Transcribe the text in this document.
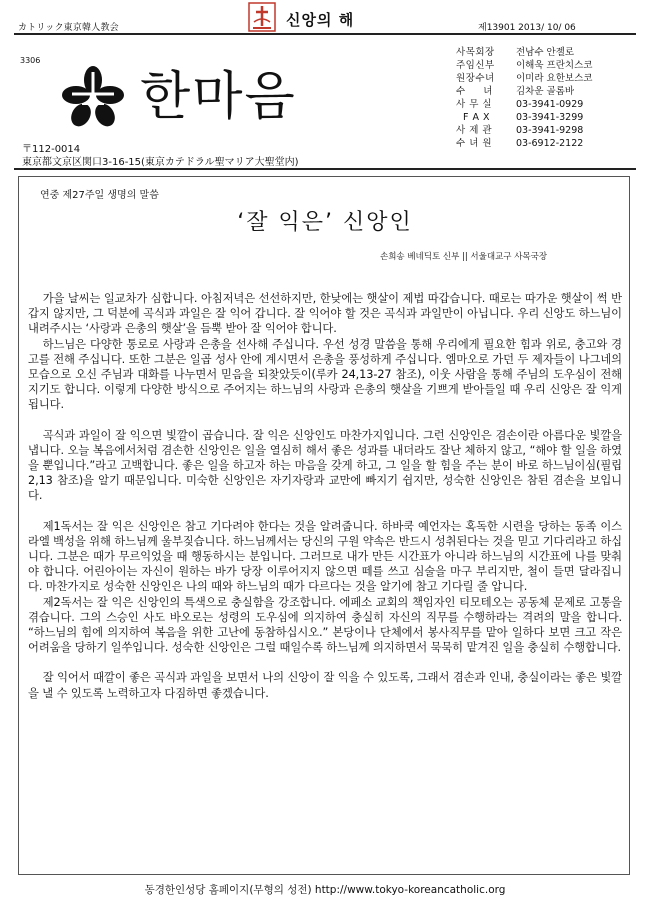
カトリック東京韓人教会	신앙의 해	제13901 2013/ 10/ 06
3306
한마음
사목회장 전남수 안젤로
주임신부 이해욱 프란치스코
원장수녀 이미라 요한보스코
수     녀 김차운 골롬바
사 무 실	03-3941-0929
F A X	03-3941-3299
사 제 관	03-3941-9298
수 녀 원	03-6912-2122
〒112-0014
東京都文京区関口3-16-15(東京カテドラル聖マリア大聖堂内)
연중 제27주일 생명의 말씀
‘잘 익은’ 신앙인
손희송 베네딕토 신부 || 서울대교구 사목국장

가을 날씨는 일교차가 심합니다. 아침저녁은 선선하지만, 한낮에는 햇살이 제법 따갑습니다. 때로는 따가운 햇살이 썩 반갑지 않지만, 그 덕분에 곡식과 과일은 잘 익어 갑니다. 잘 익어야 할 것은 곡식과 과일만이 아닙니다. 우리 신앙도 하느님이 내려주시는 ‘사랑과 은총의 햇살’을 듬뿍 받아 잘 익어야 합니다.

하느님은 다양한 통로로 사랑과 은총을 선사해 주십니다. 우선 성경 말씀을 통해 우리에게 필요한 힘과 위로, 충고와 경고를 전해 주십니다. 또한 그분은 일곱 성사 안에 계시면서 은총을 풍성하게 주십니다. 엠마오로 가던 두 제자들이 나그네의 모습으로 오신 주님과 대화를 나누면서 믿음을 되찾았듯이(루카 24,13-27 참조), 이웃 사람을 통해 주님의 도우심이 전해지기도 합니다. 이렇게 다양한 방식으로 주어지는 하느님의 사랑과 은총의 햇살을 기쁘게 받아들일 때 우리 신앙은 잘 익게 됩니다.

곡식과 과일이 잘 익으면 빛깔이 곱습니다. 잘 익은 신앙인도 마찬가지입니다. 그런 신앙인은 겸손이란 아름다운 빛깔을 냅니다. 오늘 복음에서처럼 겸손한 신앙인은 일을 열심히 해서 좋은 성과를 내더라도 잘난 체하지 않고, “해야 할 일을 하였을 뿐입니다.”라고 고백합니다. 좋은 일을 하고자 하는 마음을 갖게 하고, 그 일을 할 힘을 주는 분이 바로 하느님이심(필립 2,13 참조)을 알기 때문입니다. 미숙한 신앙인은 자기자랑과 교만에 빠지기 쉽지만, 성숙한 신앙인은 참된 겸손을 보입니다.

제1독서는 잘 익은 신앙인은 참고 기다려야 한다는 것을 알려줍니다. 하바쿡 예언자는 혹독한 시련을 당하는 동족 이스라엘 백성을 위해 하느님께 울부짖습니다. 하느님께서는 당신의 구원 약속은 반드시 성취된다는 것을 믿고 기다리라고 하십니다. 그분은 때가 무르익었을 때 행동하시는 분입니다. 그러므로 내가 만든 시간표가 아니라 하느님의 시간표에 나를 맞춰야 합니다. 어린아이는 자신이 원하는 바가 당장 이루어지지 않으면 떼를 쓰고 심술을 마구 부리지만, 철이 들면 달라집니다. 마찬가지로 성숙한 신앙인은 나의 때와 하느님의 때가 다르다는 것을 알기에 참고 기다릴 줄 압니다.

제2독서는 잘 익은 신앙인의 특색으로 충실함을 강조합니다. 에페소 교회의 책임자인 티모테오는 공동체 문제로 고통을 겪습니다. 그의 스승인 사도 바오로는 성령의 도우심에 의지하여 충실히 자신의 직무를 수행하라는 격려의 말을 합니다. “하느님의 힘에 의지하여 복음을 위한 고난에 동참하십시오.” 본당이나 단체에서 봉사직무를 맡아 일하다 보면 크고 작은 어려움을 당하기 일쑤입니다. 성숙한 신앙인은 그럴 때일수록 하느님께 의지하면서 묵묵히 맡겨진 일을 충실히 수행합니다.

잘 익어서 때깔이 좋은 곡식과 과일을 보면서 나의 신앙이 잘 익을 수 있도록, 그래서 겸손과 인내, 충실이라는 좋은 빛깔을 낼 수 있도록 노력하고자 다짐하면 좋겠습니다.

동경한인성당 홈페이지(무형의 성전) http://www.tokyo-koreancatholic.org
